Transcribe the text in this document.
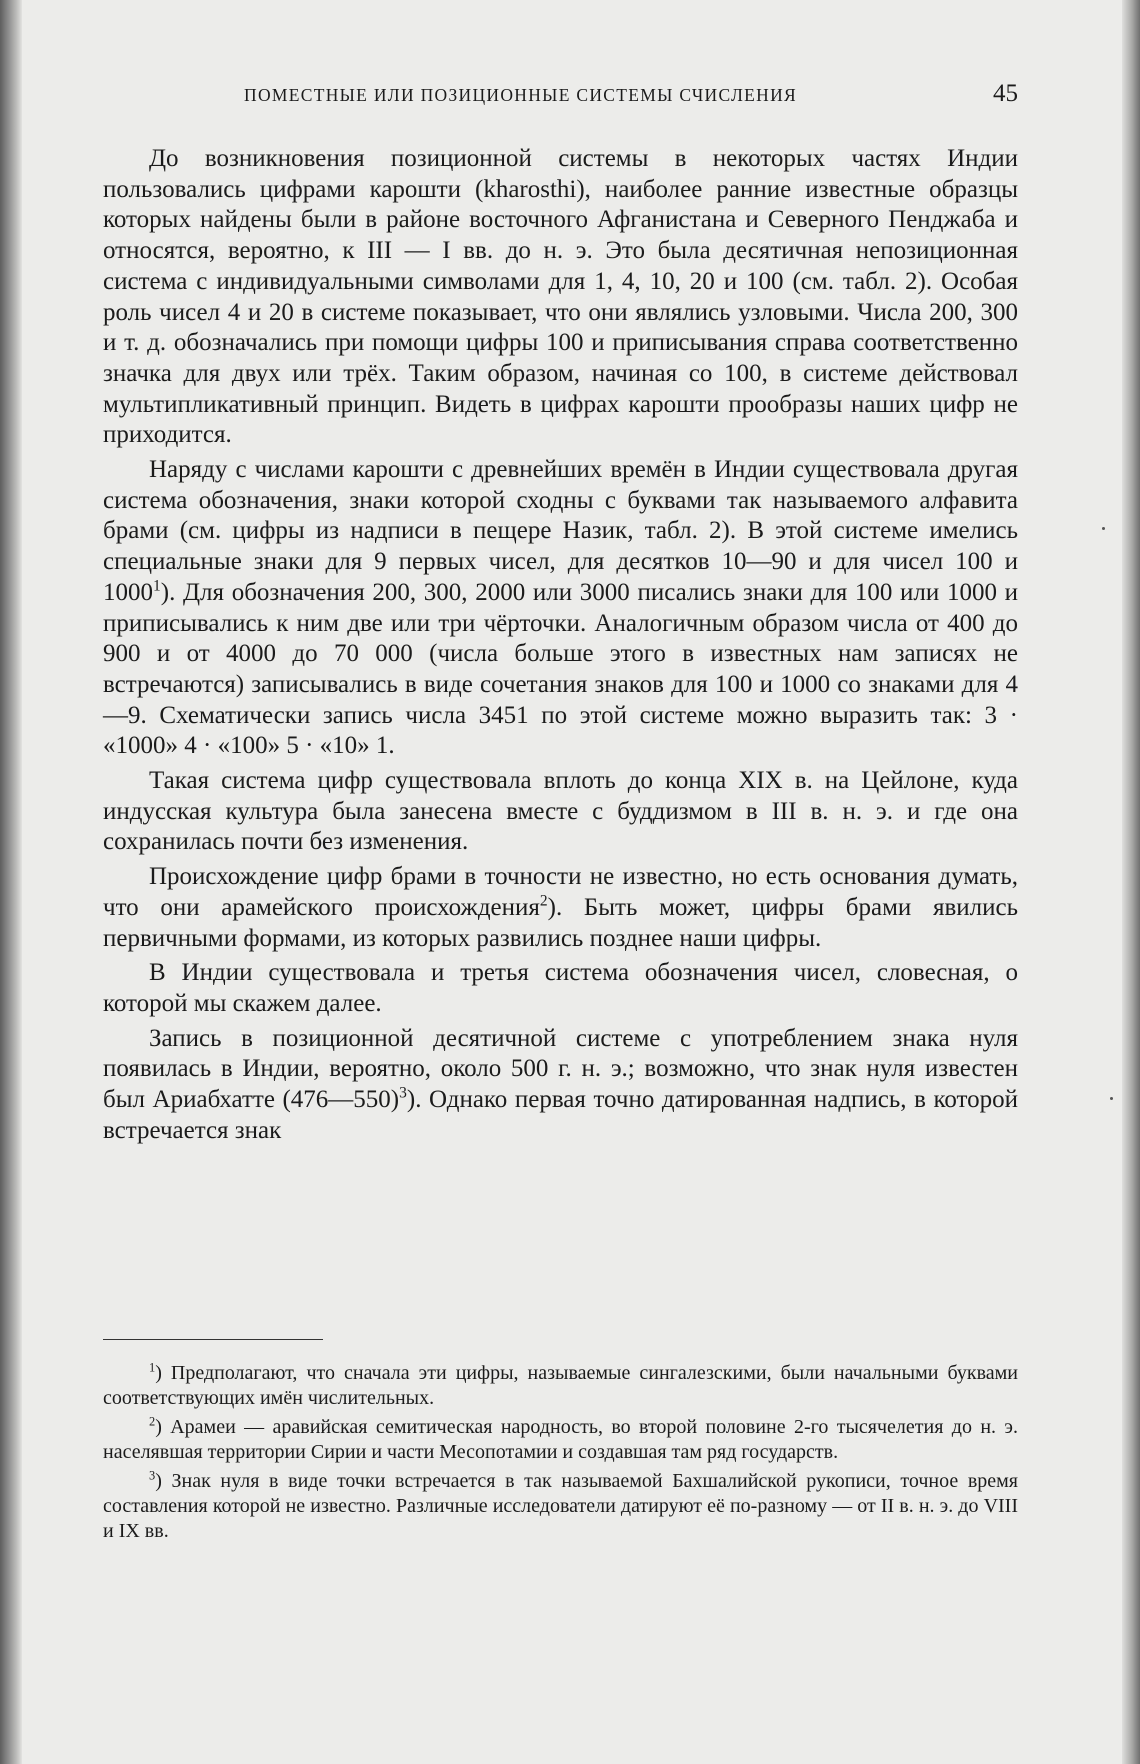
ПОМЕСТНЫЕ ИЛИ ПОЗИЦИОННЫЕ СИСТЕМЫ СЧИСЛЕНИЯ	45

До возникновения позиционной системы в некоторых частях Индии пользовались цифрами карошти (kharosthi), наиболее ранние известные образцы которых найдены были в районе восточного Афганистана и Северного Пенджаба и относятся, вероятно, к III — I вв. до н. э. Это была десятичная непозиционная система с индивидуальными символами для 1, 4, 10, 20 и 100 (см. табл. 2). Особая роль чисел 4 и 20 в системе показывает, что они являлись узловыми. Числа 200, 300 и т. д. обозначались при помощи цифры 100 и приписывания справа соответственно значка для двух или трёх. Таким образом, начиная со 100, в системе действовал мультипликативный принцип. Видеть в цифрах карошти прообразы наших цифр не приходится.

Наряду с числами карошти с древнейших времён в Индии существовала другая система обозначения, знаки которой сходны с буквами так называемого алфавита брами (см. цифры из надписи в пещере Назик, табл. 2). В этой системе имелись специальные знаки для 9 первых чисел, для десятков 10—90 и для чисел 100 и 1000$^1$). Для обозначения 200, 300, 2000 или 3000 писались знаки для 100 или 1000 и приписывались к ним две или три чёрточки. Аналогичным образом числа от 400 до 900 и от 4000 до 70 000 (числа больше этого в известных нам записях не встречаются) записывались в виде сочетания знаков для 100 и 1000 со знаками для 4—9. Схематически запись числа 3451 по этой системе можно выразить так: 3 · «1000» 4 · «100» 5 · «10» 1.

Такая система цифр существовала вплоть до конца XIX в. на Цейлоне, куда индусская культура была занесена вместе с буддизмом в III в. н. э. и где она сохранилась почти без изменения.

Происхождение цифр брами в точности не известно, но есть основания думать, что они арамейского происхождения$^2$). Быть может, цифры брами явились первичными формами, из которых развились позднее наши цифры.

В Индии существовала и третья система обозначения чисел, словесная, о которой мы скажем далее.

Запись в позиционной десятичной системе с употреблением знака нуля появилась в Индии, вероятно, около 500 г. н. э.; возможно, что знак нуля известен был Ариабхатте (476—550)$^3$). Однако первая точно датированная надпись, в которой встречается знак

$^1$) Предполагают, что сначала эти цифры, называемые сингалезскими, были начальными буквами соответствующих имён числительных.

$^2$) Арамеи — аравийская семитическая народность, во второй половине 2-го тысячелетия до н. э. населявшая территории Сирии и части Месопотамии и создавшая там ряд государств.

$^3$) Знак нуля в виде точки встречается в так называемой Бахшалийской рукописи, точное время составления которой не известно. Различные исследователи датируют её по-разному — от II в. н. э. до VIII и IX вв.
